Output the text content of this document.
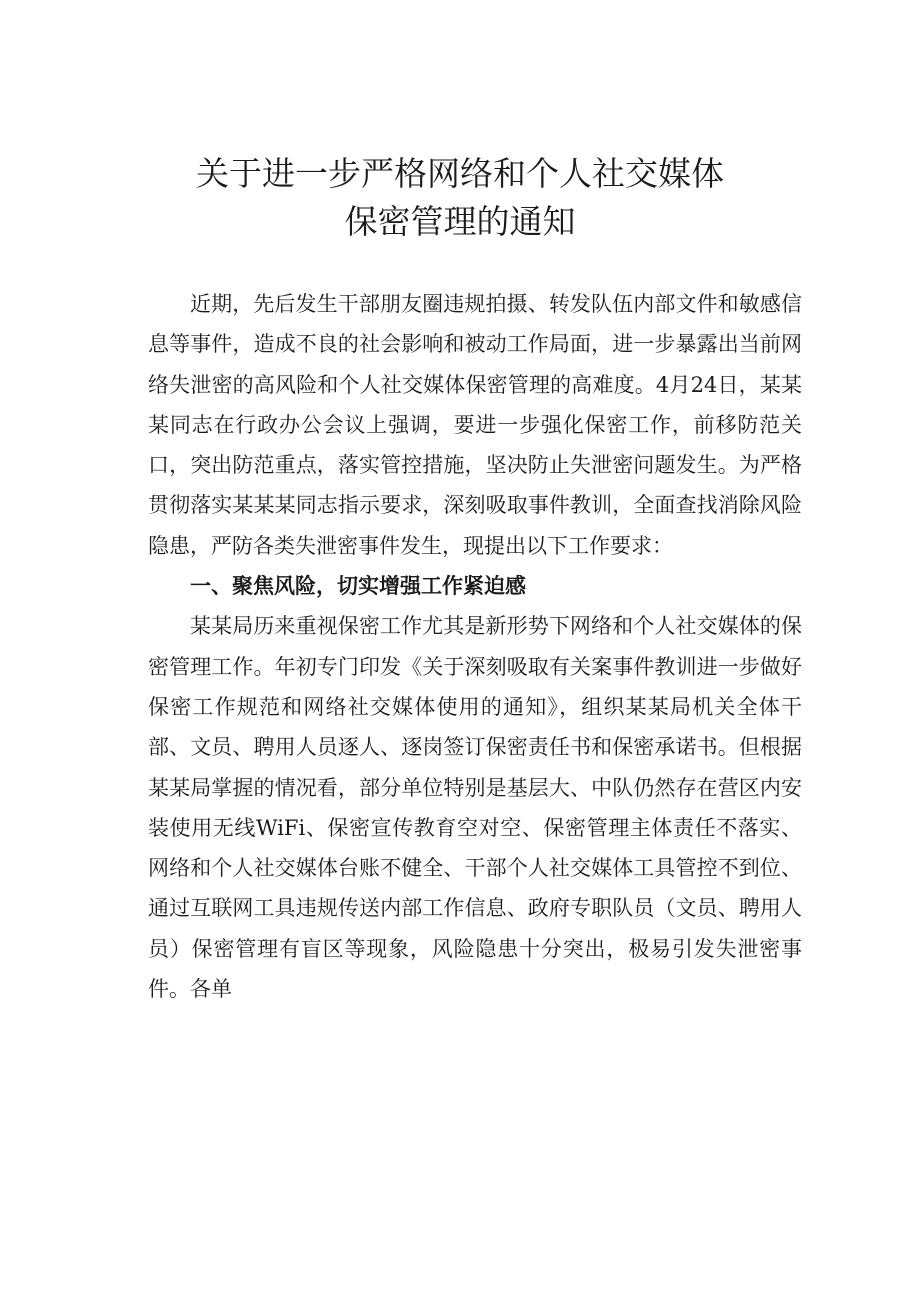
关于进一步严格网络和个人社交媒体
保密管理的通知

近期，先后发生干部朋友圈违规拍摄、转发队伍内部文件和敏感信息等事件，造成不良的社会影响和被动工作局面，进一步暴露出当前网络失泄密的高风险和个人社交媒体保密管理的高难度。4月24日，某某某同志在行政办公会议上强调，要进一步强化保密工作，前移防范关口，突出防范重点，落实管控措施，坚决防止失泄密问题发生。为严格贯彻落实某某某同志指示要求，深刻吸取事件教训，全面查找消除风险隐患，严防各类失泄密事件发生，现提出以下工作要求：

一、聚焦风险，切实增强工作紧迫感

某某局历来重视保密工作尤其是新形势下网络和个人社交媒体的保密管理工作。年初专门印发《关于深刻吸取有关案事件教训进一步做好保密工作规范和网络社交媒体使用的通知》，组织某某局机关全体干部、文员、聘用人员逐人、逐岗签订保密责任书和保密承诺书。但根据某某局掌握的情况看，部分单位特别是基层大、中队仍然存在营区内安装使用无线WiFi、保密宣传教育空对空、保密管理主体责任不落实、网络和个人社交媒体台账不健全、干部个人社交媒体工具管控不到位、通过互联网工具违规传送内部工作信息、政府专职队员（文员、聘用人员）保密管理有盲区等现象，风险隐患十分突出，极易引发失泄密事件。各单
